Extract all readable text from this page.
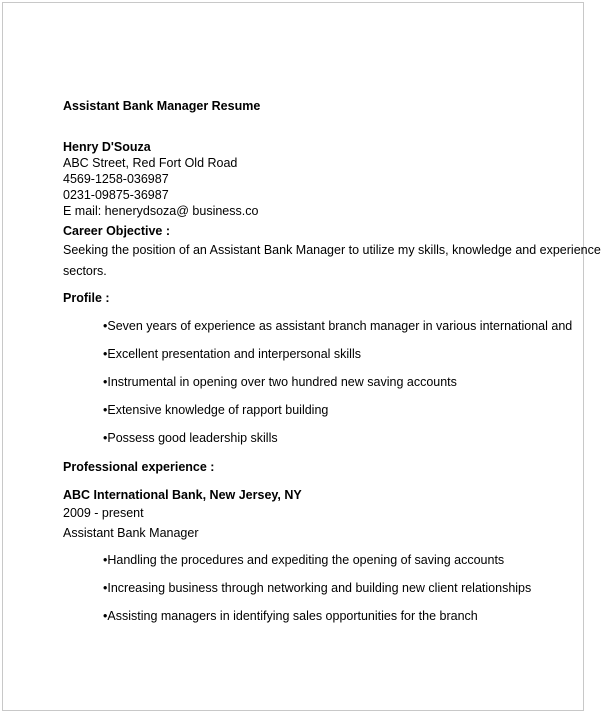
Assistant Bank Manager Resume
Henry D'Souza
ABC Street, Red Fort Old Road
4569-1258-036987
0231-09875-36987
E mail: henerydsoza@ business.co
Career Objective :
Seeking the position of an Assistant Bank Manager to utilize my skills, knowledge and experience
sectors.
Profile :
•Seven years of experience as assistant branch manager in various international and
•Excellent presentation and interpersonal skills
•Instrumental in opening over two hundred new saving accounts
•Extensive knowledge of rapport building
•Possess good leadership skills
Professional experience :
ABC International Bank, New Jersey, NY
2009 - present
Assistant Bank Manager
•Handling the procedures and expediting the opening of saving accounts
•Increasing business through networking and building new client relationships
•Assisting managers in identifying sales opportunities for the branch
